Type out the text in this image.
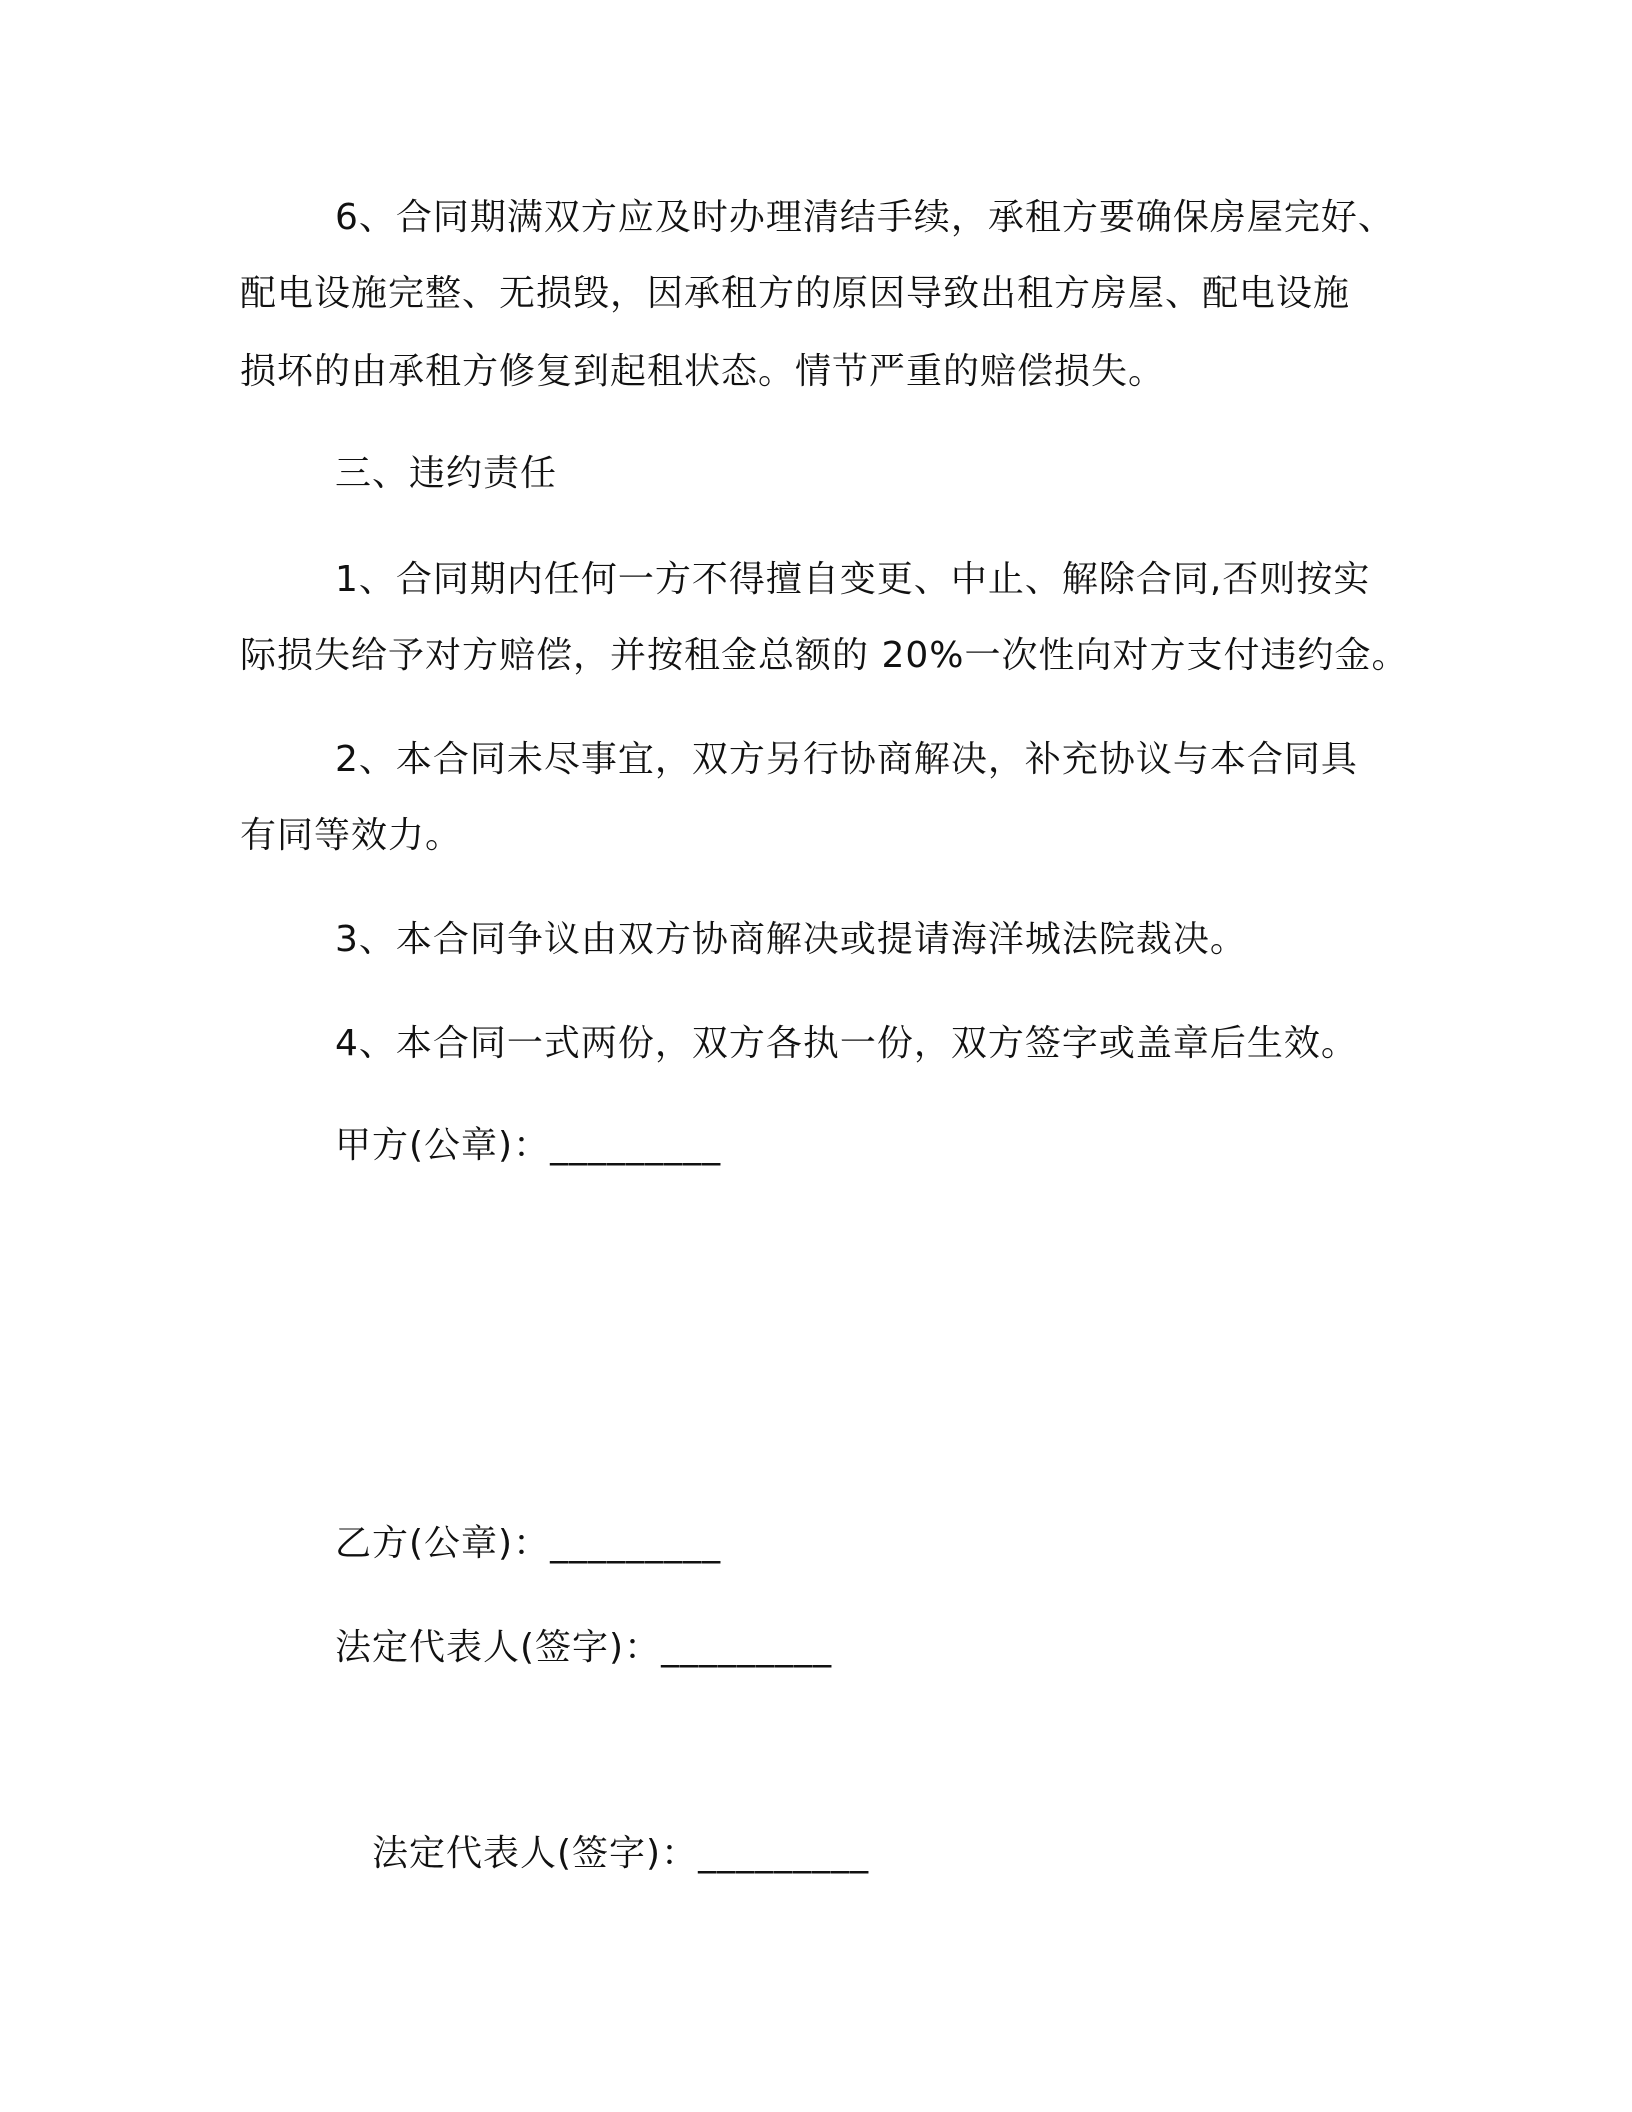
6、合同期满双方应及时办理清结手续，承租方要确保房屋完好、
配电设施完整、无损毁，因承租方的原因导致出租方房屋、配电设施
损坏的由承租方修复到起租状态。情节严重的赔偿损失。
三、违约责任
1、合同期内任何一方不得擅自变更、中止、解除合同,否则按实
际损失给予对方赔偿，并按租金总额的 20%一次性向对方支付违约金。
2、本合同未尽事宜，双方另行协商解决，补充协议与本合同具
有同等效力。
3、本合同争议由双方协商解决或提请海洋城法院裁决。
4、本合同一式两份，双方各执一份，双方签字或盖章后生效。
甲方(公章)：_________
乙方(公章)：_________
法定代表人(签字)：_________
法定代表人(签字)：_________
